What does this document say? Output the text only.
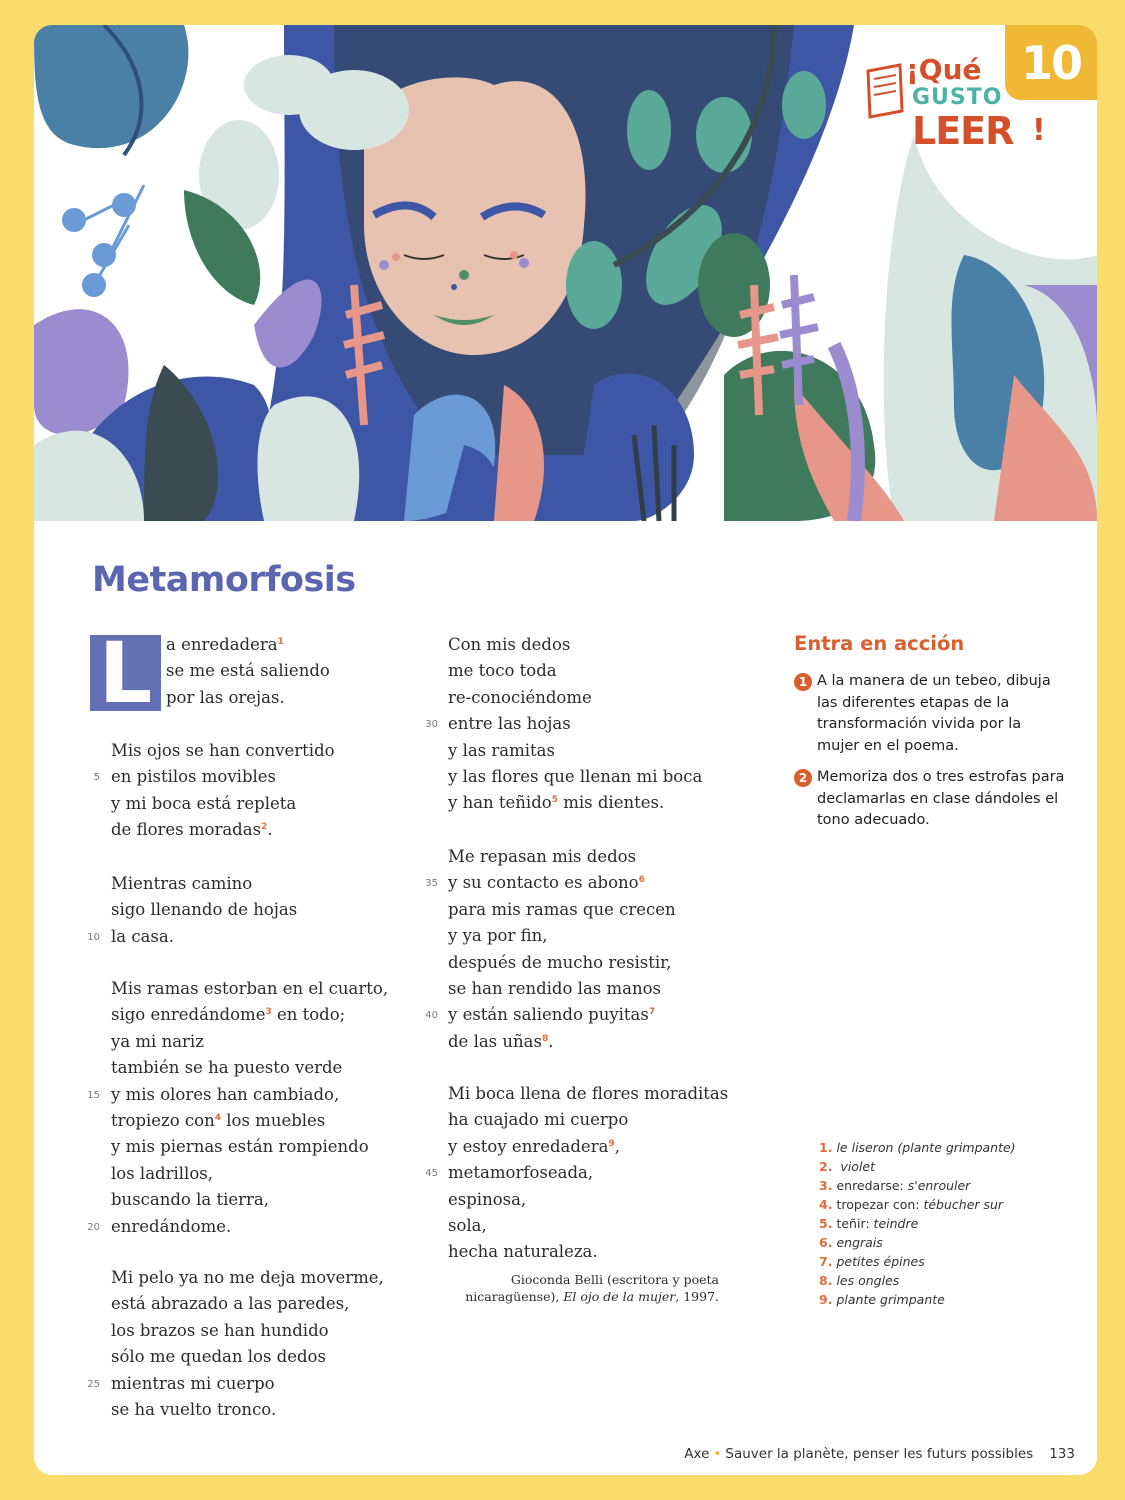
10
¡Qué
GUSTO
LEER !
Metamorfosis
L a enredadera$^1$
se me está saliendo
por las orejas.
Mis ojos se han convertido
5 en pistilos movibles
y mi boca está repleta
de flores moradas$^2$.
Mientras camino
sigo llenando de hojas
10 la casa.
Mis ramas estorban en el cuarto,
sigo enredándome$^3$ en todo;
ya mi nariz
también se ha puesto verde
15 y mis olores han cambiado,
tropiezo con$^4$ los muebles
y mis piernas están rompiendo
los ladrillos,
buscando la tierra,
20 enredándome.
Mi pelo ya no me deja moverme,
está abrazado a las paredes,
los brazos se han hundido
sólo me quedan los dedos
25 mientras mi cuerpo
se ha vuelto tronco.
Con mis dedos
me toco toda
re-conociéndome
30 entre las hojas
y las ramitas
y las flores que llenan mi boca
y han teñido$^5$ mis dientes.
Me repasan mis dedos
35 y su contacto es abono$^6$
para mis ramas que crecen
y ya por fin,
después de mucho resistir,
se han rendido las manos
40 y están saliendo puyitas$^7$
de las uñas$^8$.
Mi boca llena de flores moraditas
ha cuajado mi cuerpo
y estoy enredadera$^9$,
45 metamorfoseada,
espinosa,
sola,
hecha naturaleza.
Gioconda Belli (escritora y poeta
nicaragüense), El ojo de la mujer, 1997.
Entra en acción
1 A la manera de un tebeo, dibuja las diferentes etapas de la transformación vivida por la mujer en el poema.
2 Memoriza dos o tres estrofas para declamarlas en clase dándoles el tono adecuado.
1. le liseron (plante grimpante)
2. violet
3. enredarse: s'enrouler
4. tropezar con: tébucher sur
5. teñir: teindre
6. engrais
7. petites épines
8. les ongles
9. plante grimpante
Axe • Sauver la planète, penser les futurs possibles 133
